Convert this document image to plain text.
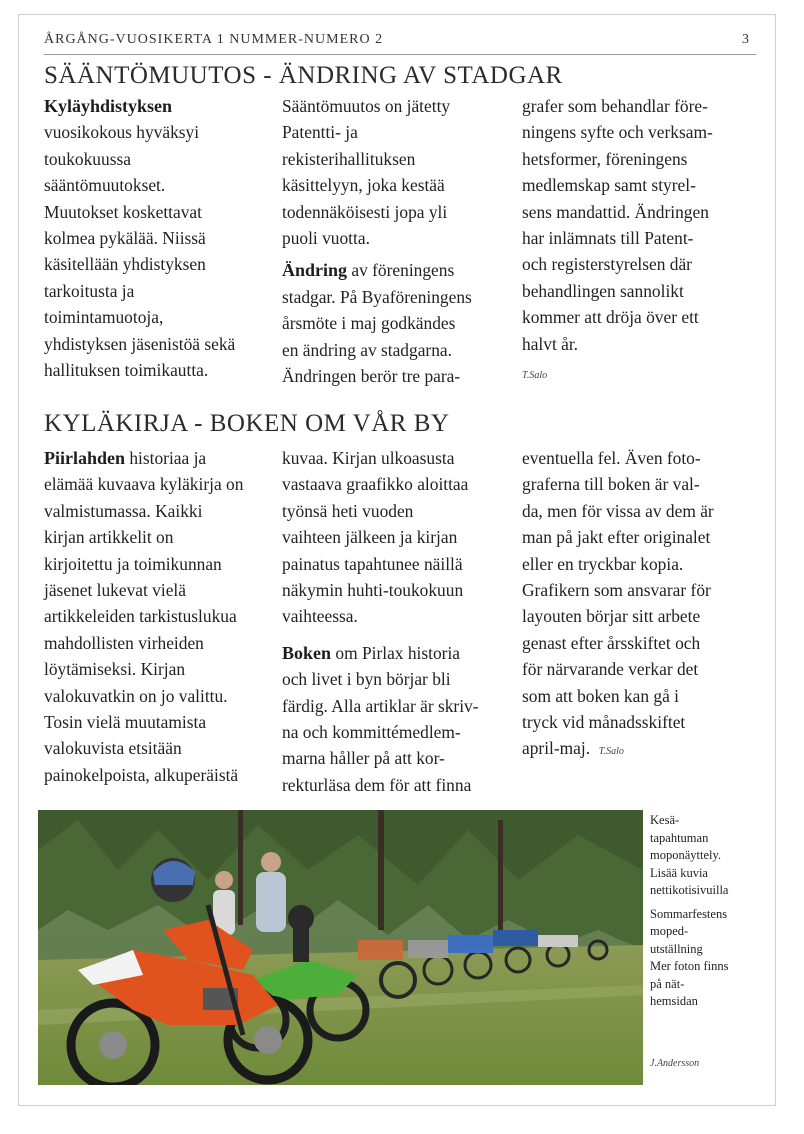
ÅRGÅNG-VUOSIKERTA 1 NUMMER-NUMERO 2	3
SÄÄNTÖMUUTOS - ÄNDRING AV STADGAR
Kyläyhdistyksen
vuosikokous hyväksyi
toukokuussa
sääntömuutokset.
Muutokset koskettavat
kolmea pykälää. Niissä
käsitellään yhdistyksen
tarkoitusta ja
toimintamuotoja,
yhdistyksen jäsenistöä sekä
hallituksen toimikautta.
Sääntömuutos on jätetty
Patentti- ja
rekisterihallituksen
käsittelyyn, joka kestää
todennäköisesti jopa yli
puoli vuotta.
Ändring av föreningens
stadgar. På Byaföreningens
årsmöte i maj godkändes
en ändring av stadgarna.
Ändringen berör tre para-
grafer som behandlar före-
ningens syfte och verksam-
hetsformer, föreningens
medlemskap samt styrel-
sens mandattid. Ändringen
har inlämnats till Patent-
och registerstyrelsen där
behandlingen sannolikt
kommer att dröja över ett
halvt år.
T.Salo
KYLÄKIRJA - BOKEN OM VÅR BY
Piirlahden historiaa ja
elämää kuvaava kyläkirja on
valmistumassa. Kaikki
kirjan artikkelit on
kirjoitettu ja toimikunnan
jäsenet lukevat vielä
artikkeleiden tarkistuslukua
mahdollisten virheiden
löytämiseksi. Kirjan
valokuvatkin on jo valittu.
Tosin vielä muutamista
valokuvista etsitään
painokelpoista, alkuperäistä
kuvaa. Kirjan ulkoasusta
vastaava graafikko aloittaa
työnsä heti vuoden
vaihteen jälkeen ja kirjan
painatus tapahtunee näillä
näkymin huhti-toukokuun
vaihteessa.
Boken om Pirlax historia
och livet i byn börjar bli
färdig. Alla artiklar är skriv-
na och kommittémedlem-
marna håller på att kor-
rekturläsa dem för att finna
eventuella fel. Även foto-
graferna till boken är val-
da, men för vissa av dem är
man på jakt efter originalet
eller en tryckbar kopia.
Grafikern som ansvarar för
layouten börjar sitt arbete
genast efter årsskiftet och
för närvarande verkar det
som att boken kan gå i
tryck vid månadsskiftet
april-maj. T.Salo
Kesä-
tapahtuman
moponäyttely.
Lisää kuvia
nettikotisivuilla
Sommarfestens
moped-
utställning
Mer foton finns
på nät-
hemsidan
J.Andersson
